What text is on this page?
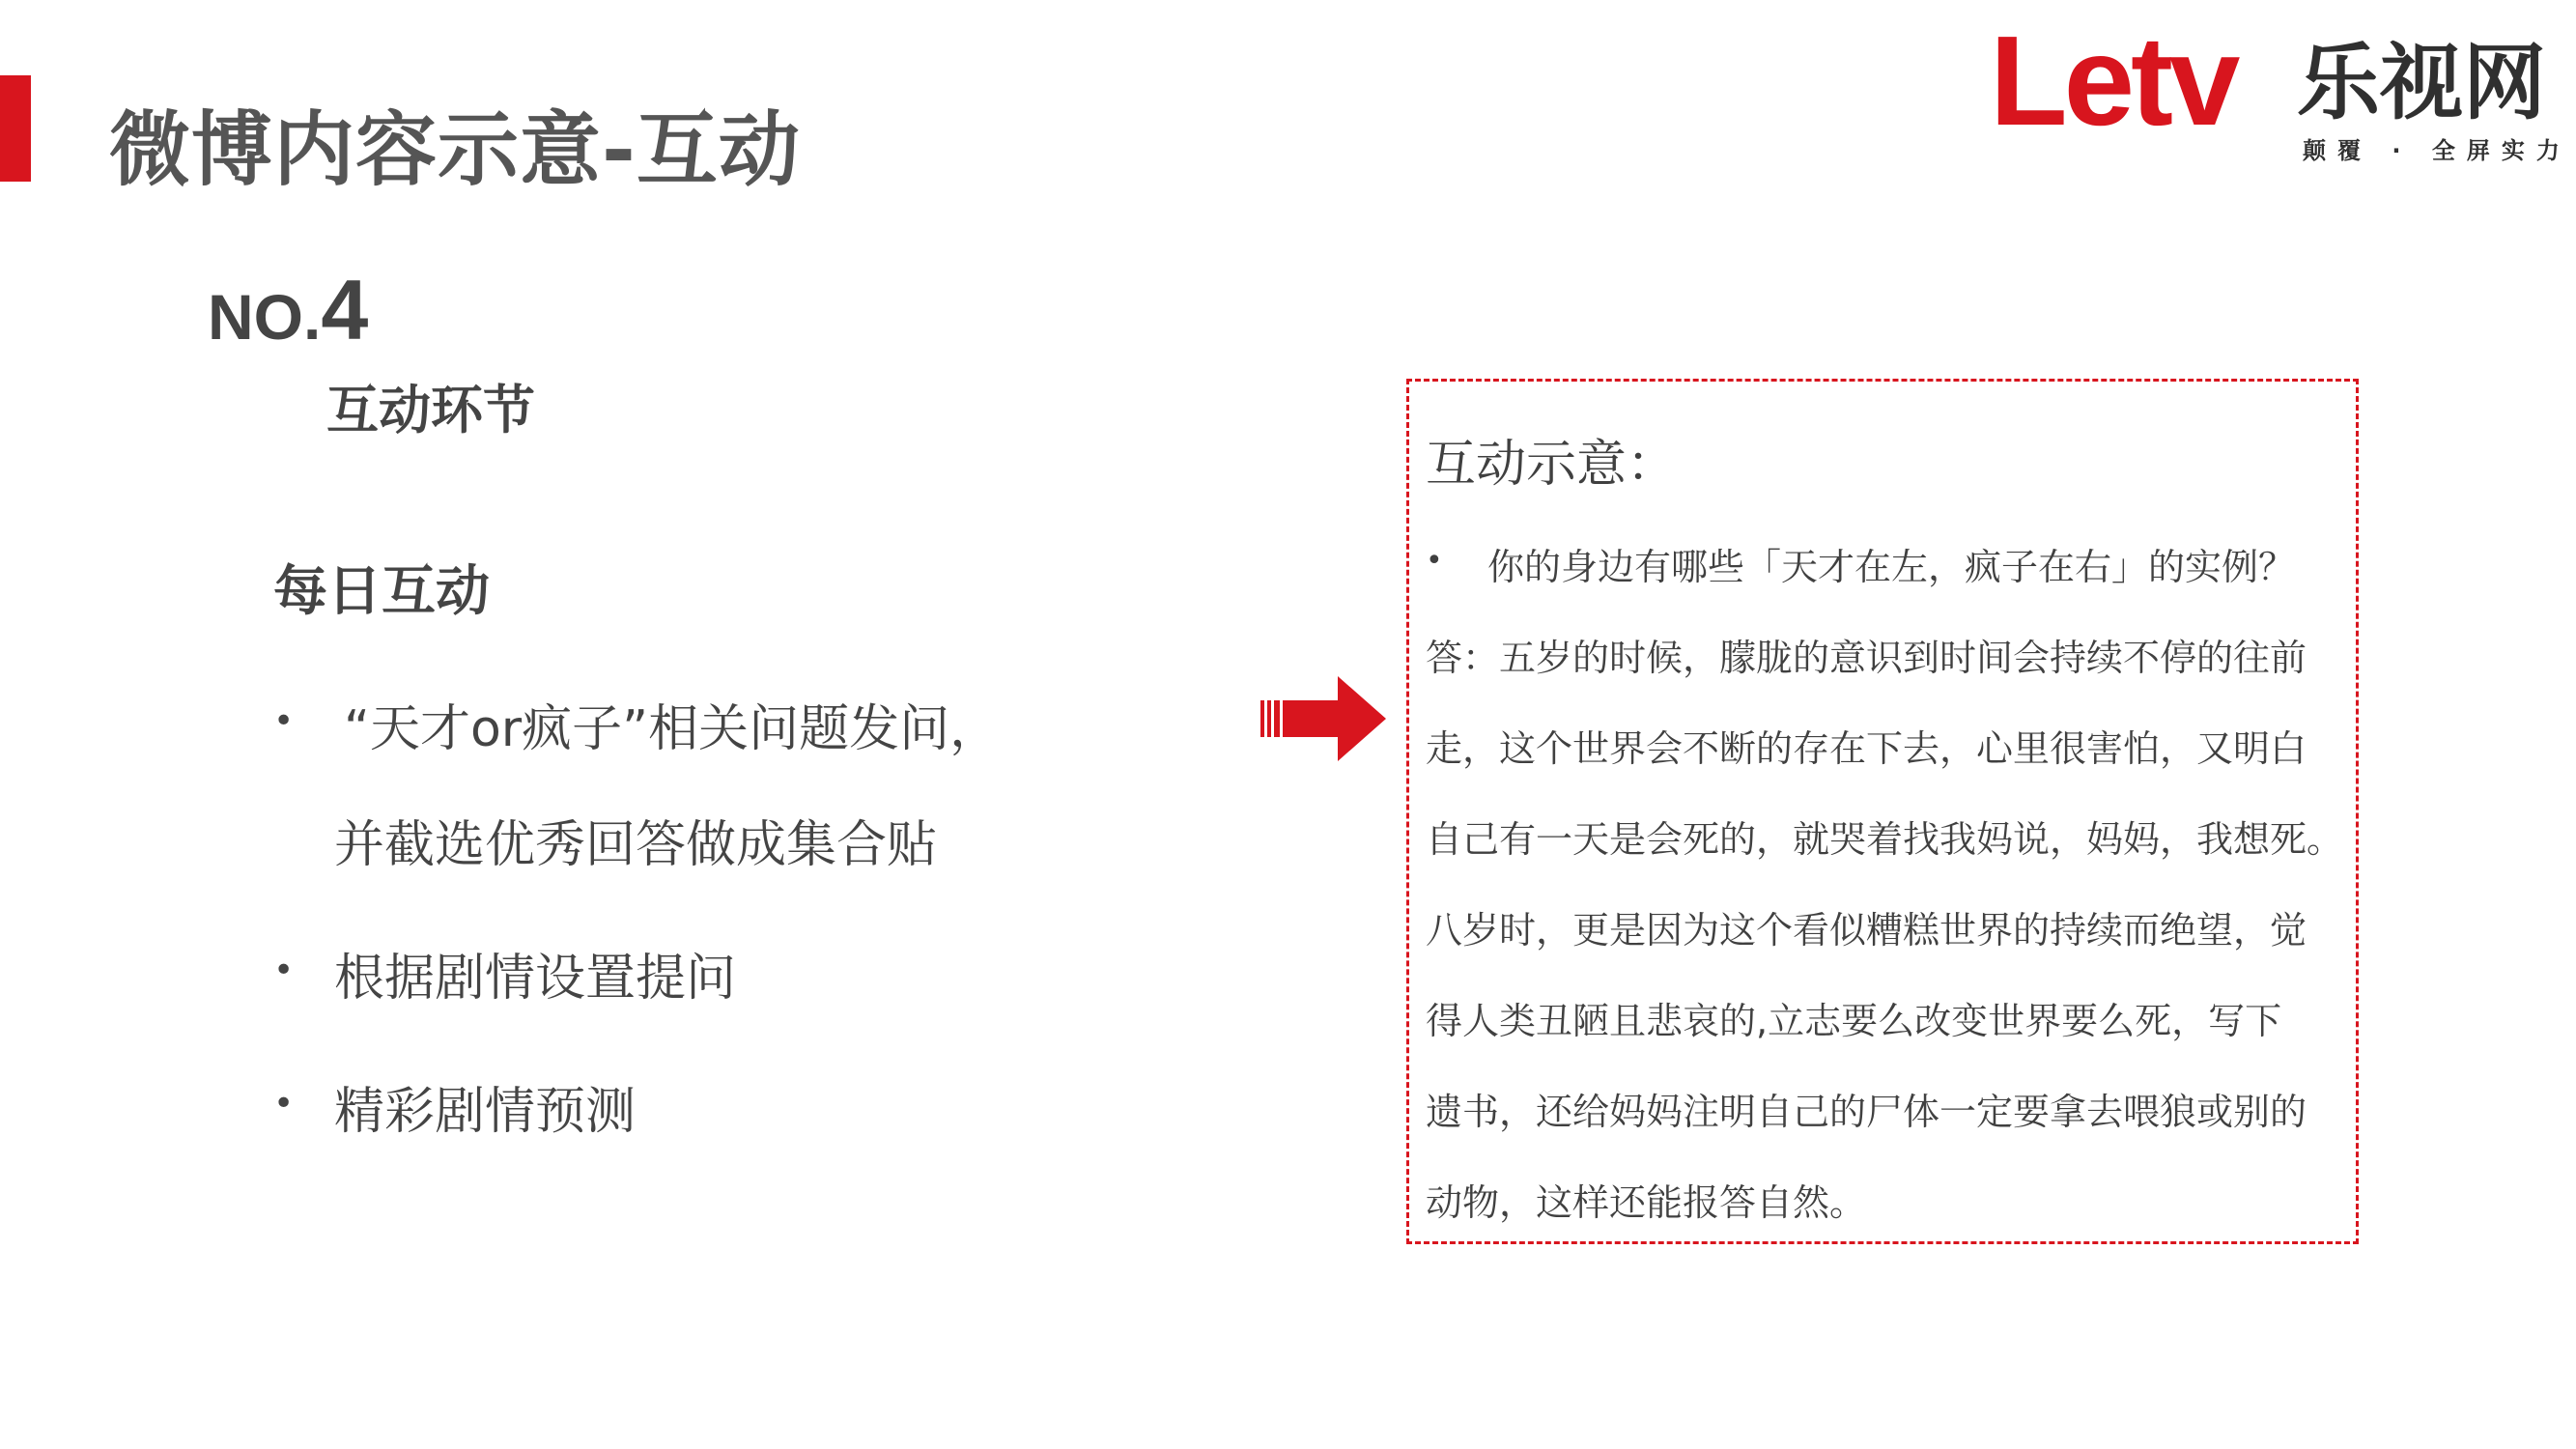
微博内容示意-互动	Letv 乐视网
颠覆 · 全屏实力
NO.4
互动环节
每日互动
• “天才or疯子”相关问题发问，
并截选优秀回答做成集合贴
• 根据剧情设置提问
• 精彩剧情预测
互动示意：
• 你的身边有哪些「天才在左，疯子在右」的实例？
答：五岁的时候，朦胧的意识到时间会持续不停的往前
走，这个世界会不断的存在下去，心里很害怕，又明白
自己有一天是会死的，就哭着找我妈说，妈妈，我想死。
八岁时，更是因为这个看似糟糕世界的持续而绝望，觉
得人类丑陋且悲哀的,立志要么改变世界要么死，写下
遗书，还给妈妈注明自己的尸体一定要拿去喂狼或别的
动物，这样还能报答自然。
